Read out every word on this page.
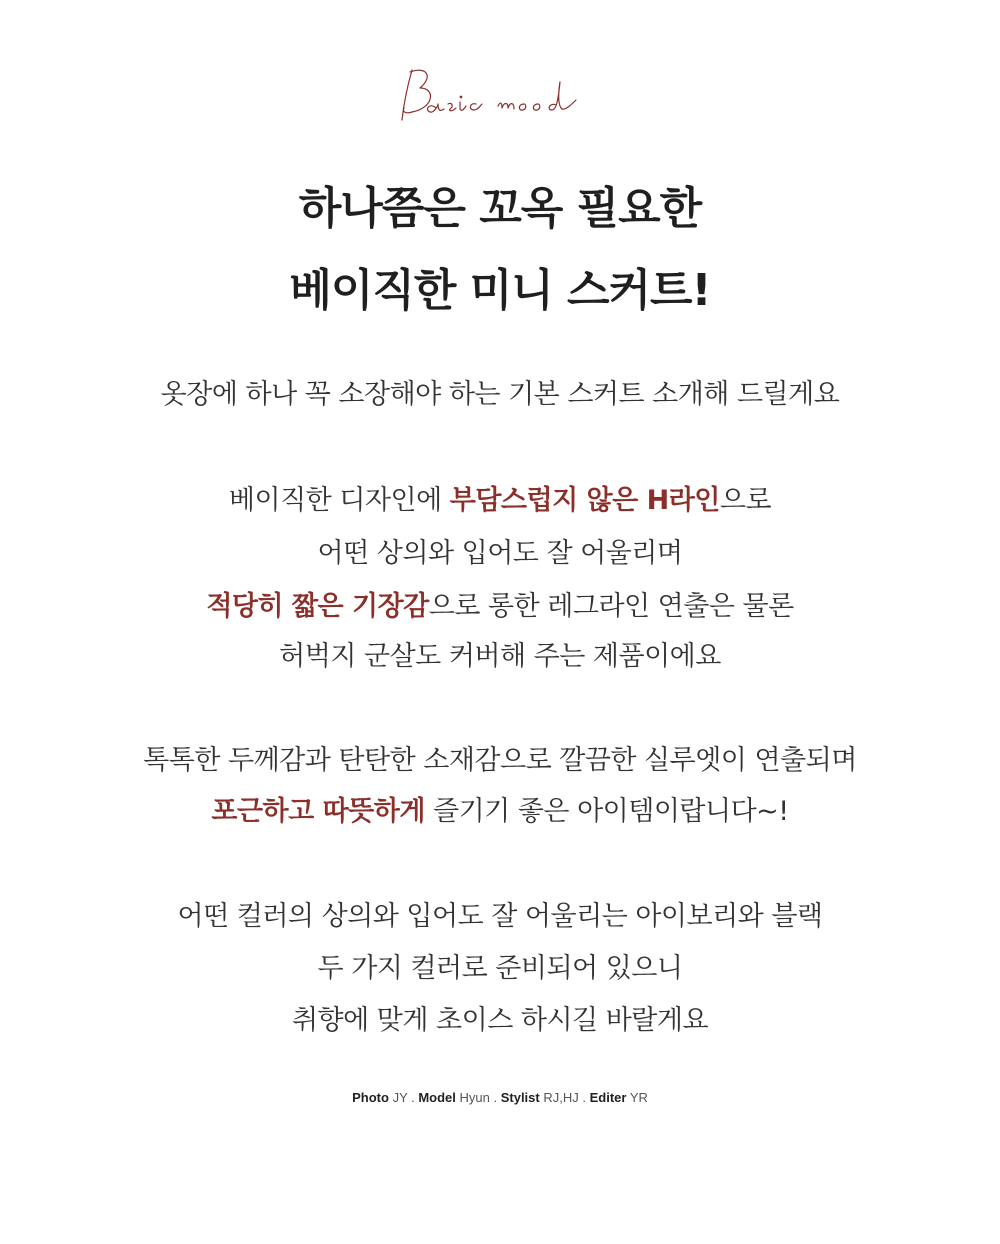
하나쯤은 꼬옥 필요한
베이직한 미니 스커트!
옷장에 하나 꼭 소장해야 하는 기본 스커트 소개해 드릴게요
베이직한 디자인에 부담스럽지 않은 H라인으로
어떤 상의와 입어도 잘 어울리며
적당히 짧은 기장감으로 롱한 레그라인 연출은 물론
허벅지 군살도 커버해 주는 제품이에요
톡톡한 두께감과 탄탄한 소재감으로 깔끔한 실루엣이 연출되며
포근하고 따뜻하게 즐기기 좋은 아이템이랍니다~!
어떤 컬러의 상의와 입어도 잘 어울리는 아이보리와 블랙
두 가지 컬러로 준비되어 있으니
취향에 맞게 초이스 하시길 바랄게요
Photo JY . Model Hyun . Stylist RJ,HJ . Editer YR
